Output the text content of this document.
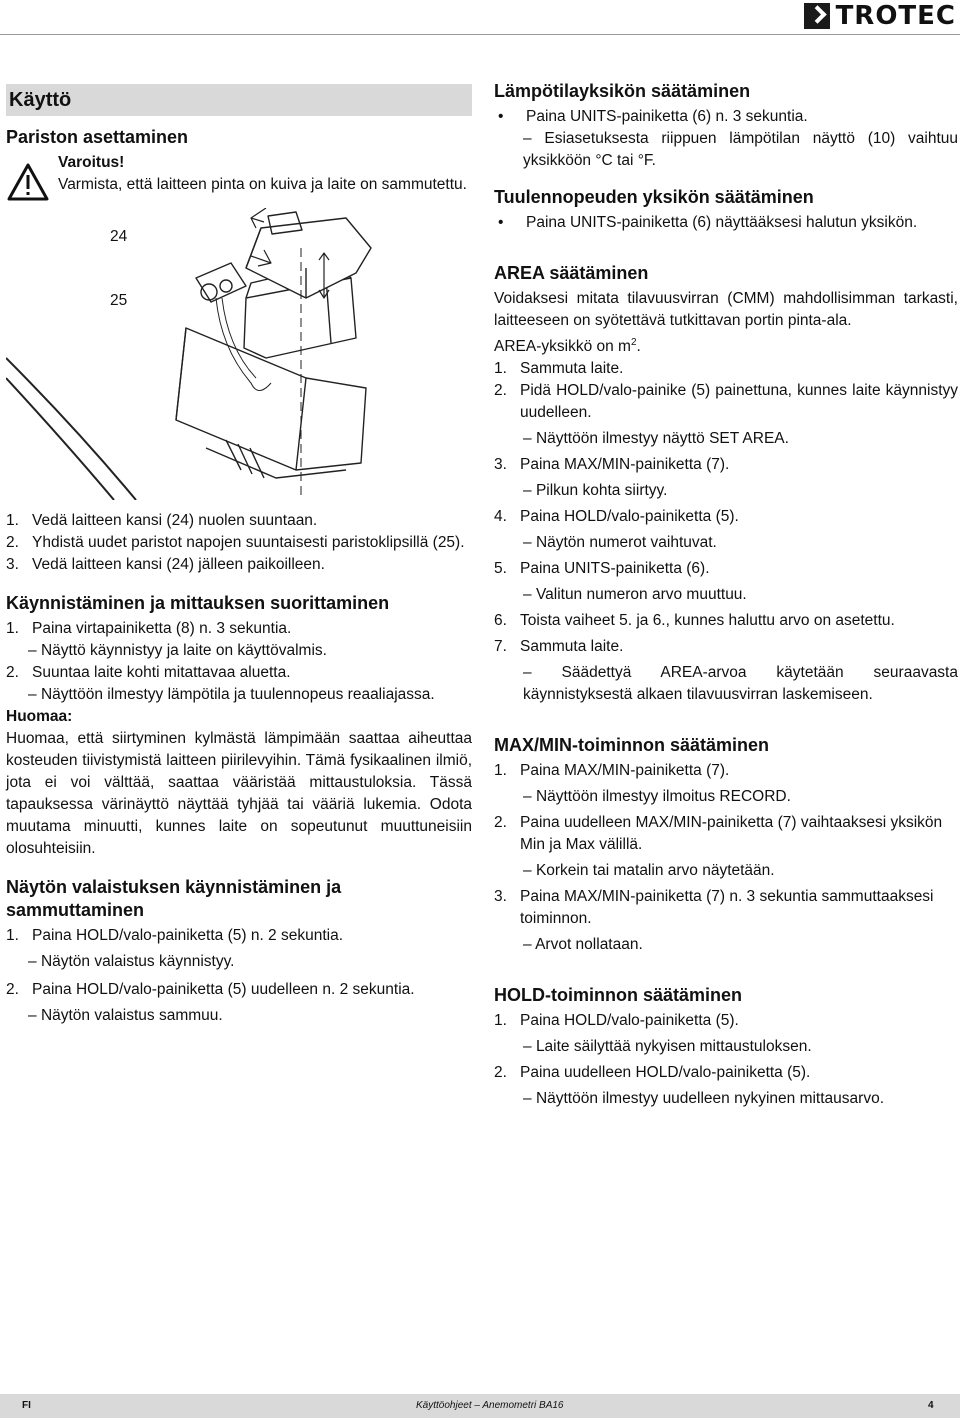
TROTEC
Käyttö
Pariston asettaminen
Varoitus!

Varmista, että laitteen pinta on kuiva ja laite on sammutettu.

24
25
1. Vedä laitteen kansi (24) nuolen suuntaan.
2. Yhdistä uudet paristot napojen suuntaisesti paristoklipsillä (25).
3. Vedä laitteen kansi (24) jälleen paikoilleen.
Käynnistäminen ja mittauksen suorittaminen
1. Paina virtapainiketta (8) n. 3 sekuntia.
– Näyttö käynnistyy ja laite on käyttövalmis.
2. Suuntaa laite kohti mitattavaa aluetta.
– Näyttöön ilmestyy lämpötila ja tuulennopeus reaaliajassa.
Huomaa:

Huomaa, että siirtyminen kylmästä lämpimään saattaa aiheuttaa kosteuden tiivistymistä laitteen piirilevyihin. Tämä fysikaalinen ilmiö, jota ei voi välttää, saattaa vääristää mittaustuloksia. Tässä tapauksessa värinäyttö näyttää tyhjää tai vääriä lukemia. Odota muutama minuutti, kunnes laite on sopeutunut muuttuneisiin olosuhteisiin.

Näytön valaistuksen käynnistäminen ja sammuttaminen
1. Paina HOLD/valo-painiketta (5) n. 2 sekuntia.
– Näytön valaistus käynnistyy.
2. Paina HOLD/valo-painiketta (5) uudelleen n. 2 sekuntia.
– Näytön valaistus sammuu.
Lämpötilayksikön säätäminen
•	Paina UNITS-painiketta (6) n. 3 sekuntia.
– Esiasetuksesta riippuen lämpötilan näyttö (10) vaihtuu yksikköön °C tai °F.
Tuulennopeuden yksikön säätäminen
•	Paina UNITS-painiketta (6) näyttääksesi halutun yksikön.
AREA säätäminen

Voidaksesi mitata tilavuusvirran (CMM) mahdollisimman tarkasti, laitteeseen on syötettävä tutkittavan portin pinta-ala.

AREA-yksikkö on $m^2$.

1. Sammuta laite.
2. Pidä HOLD/valo-painike (5) painettuna, kunnes laite käynnistyy uudelleen.
– Näyttöön ilmestyy näyttö SET AREA.
3. Paina MAX/MIN-painiketta (7).
– Pilkun kohta siirtyy.
4. Paina HOLD/valo-painiketta (5).
– Näytön numerot vaihtuvat.
5. Paina UNITS-painiketta (6).
– Valitun numeron arvo muuttuu.
6. Toista vaiheet 5. ja 6., kunnes haluttu arvo on asetettu.
7. Sammuta laite.
– Säädettyä AREA-arvoa käytetään seuraavasta käynnistyksestä alkaen tilavuusvirran laskemiseen.
MAX/MIN-toiminnon säätäminen
1. Paina MAX/MIN-painiketta (7).
– Näyttöön ilmestyy ilmoitus RECORD.
2. Paina uudelleen MAX/MIN-painiketta (7) vaihtaaksesi yksikön Min ja Max välillä.
– Korkein tai matalin arvo näytetään.
3. Paina MAX/MIN-painiketta (7) n. 3 sekuntia sammuttaaksesi toiminnon.
– Arvot nollataan.
HOLD-toiminnon säätäminen
1. Paina HOLD/valo-painiketta (5).
– Laite säilyttää nykyisen mittaustuloksen.
2. Paina uudelleen HOLD/valo-painiketta (5).
– Näyttöön ilmestyy uudelleen nykyinen mittausarvo.
FI	Käyttöohjeet – Anemometri BA16	4
